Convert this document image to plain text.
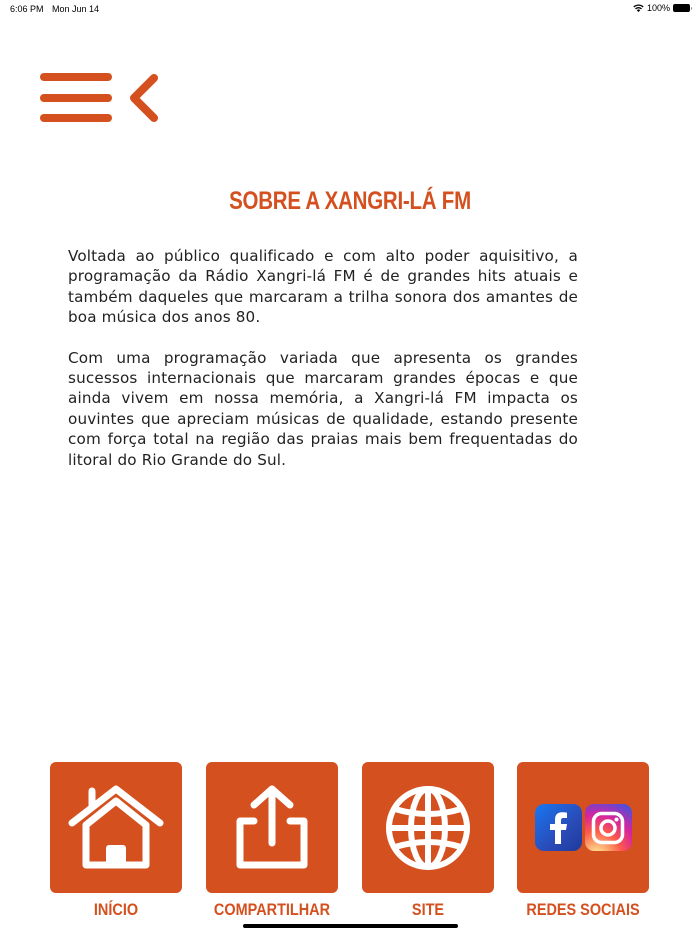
6:06 PM Mon Jun 14	100%
SOBRE A XANGRI-LÁ FM

Voltada ao público qualificado e com alto poder aquisitivo, a programação da Rádio Xangri-lá FM é de grandes hits atuais e também daqueles que marcaram a trilha sonora dos amantes de boa música dos anos 80.

Com uma programação variada que apresenta os grandes sucessos internacionais que marcaram grandes épocas e que ainda vivem em nossa memória, a Xangri-lá FM impacta os ouvintes que apreciam músicas de qualidade, estando presente com força total na região das praias mais bem frequentadas do litoral do Rio Grande do Sul.

INÍCIO	COMPARTILHAR	SITE	REDES SOCIAIS
